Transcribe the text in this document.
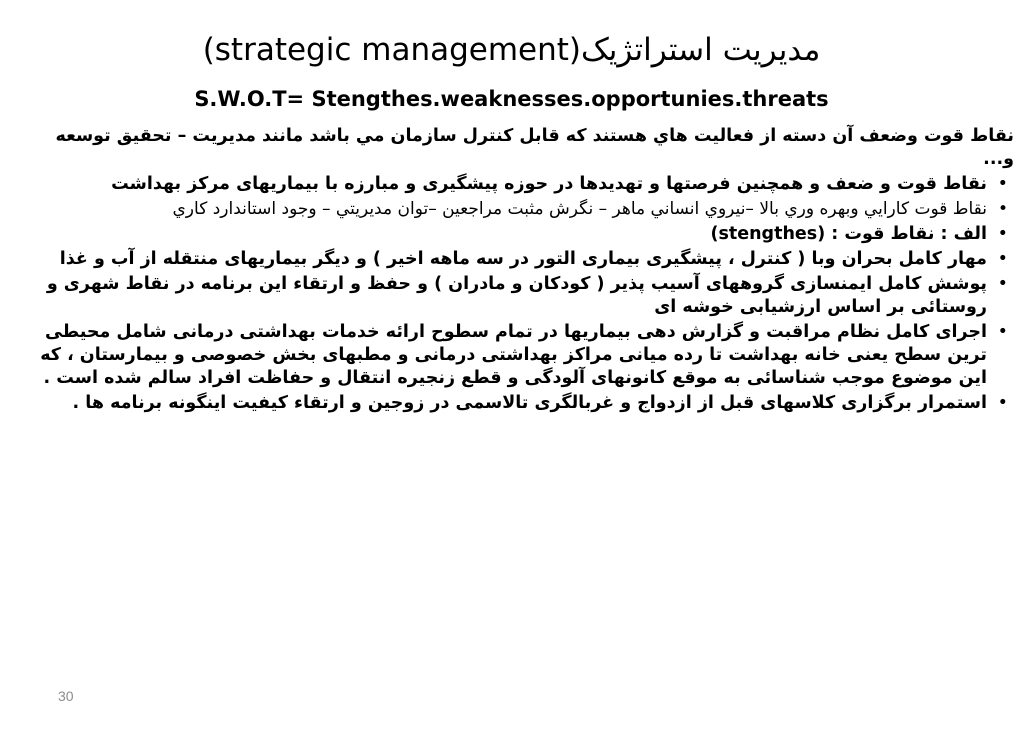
(strategic management)مدیریت استراتژیک
S.W.O.T= Stengthes.weaknesses.opportunies.threats

نقاط قوت وضعف آن دسته از فعاليت هاي هستند كه قابل كنترل سازمان مي باشد مانند مديريت – تحقيق توسعه و...

• نقاط قوت و ضعف و همچنین فرصتها و تهدیدها در حوزه پیشگیری و مبارزه با بیماریهای مرکز بهداشت

• نقاط قوت كارايي وبهره وري بالا –نيروي انساني ماهر – نگرش مثبت مراجعين –توان مديريتي – وجود استاندارد كاري

• الف : نقاط قوت : (stengthes)

• مهار کامل بحران وبا ( کنترل ، پیشگیری بیماری التور در سه ماهه اخیر ) و دیگر بیماریهای منتقله از آب و غذا

• پوشش کامل ایمنسازی گروههای آسیب پذیر ( کودکان و مادران ) و حفظ و ارتقاء این برنامه در نقاط شهری و روستائی بر اساس ارزشیابی خوشه ای

• اجرای کامل نظام مراقبت و گزارش دهی بیماریها در تمام سطوح ارائه خدمات بهداشتی درمانی شامل محیطی ترین سطح یعنی خانه بهداشت تا رده میانی مراکز بهداشتی درمانی و مطبهای بخش خصوصی و بیمارستان ، که این موضوع موجب شناسائی به موقع کانونهای آلودگی و قطع زنجیره انتقال و حفاظت افراد سالم شده است .

• استمرار برگزاری کلاسهای قبل از ازدواج و غربالگری تالاسمی در زوجین و ارتقاء کیفیت اینگونه برنامه ها .

30
